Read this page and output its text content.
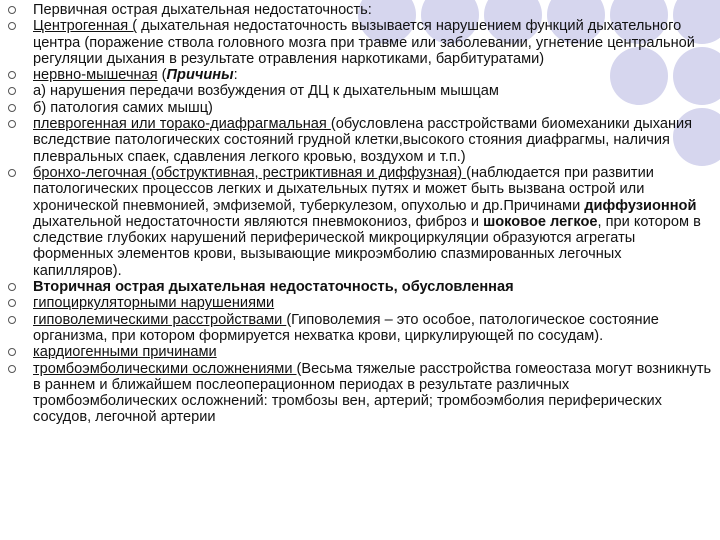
Первичная острая дыхательная недостаточность:
Центрогенная ( дыхательная недостаточность вызывается нарушением функций дыхательного центра (поражение ствола головного мозга при травме или заболевании, угнетение центральной регуляции дыхания в результате отравления наркотиками, барбитуратами)
нервно-мышечная (Причины:
а) нарушения передачи возбуждения от ДЦ к дыхательным мышцам
б) патология самих мышц)
плеврогенная или торако-диафрагмальная (обусловлена расстройствами биомеханики дыхания вследствие патологических состояний грудной клетки,высокого стояния диафрагмы, наличия плевральных спаек, сдавления легкого кровью, воздухом и т.п.)
бронхо-легочная (обструктивная, рестриктивная и диффузная) (наблюдается при развитии патологических процессов легких и дыхательных путях и может быть вызвана острой или хронической пневмонией, эмфиземой, туберкулезом, опухолью и др.Причинами диффузионной дыхательной недостаточности являются пневмокониоз, фиброз и шоковое легкое, при котором в следствие глубоких нарушений периферической микроциркуляции образуются агрегаты форменных элементов крови, вызывающие микроэмболию спазмированных легочных капилляров).
Вторичная острая дыхательная недостаточность, обусловленная
гипоциркуляторными нарушениями
гиповолемическими расстройствами (Гиповолемия – это особое, патологическое состояние организма, при котором формируется нехватка крови, циркулирующей по сосудам).
кардиогенными причинами
тромбоэмболическими осложнениями (Весьма тяжелые расстройства гомеостаза могут возникнуть в раннем и ближайшем послеоперационном периодах в результате различных тромбоэмболических осложнений: тромбозы вен, артерий; тромбоэмболия периферических сосудов, легочной артерии
